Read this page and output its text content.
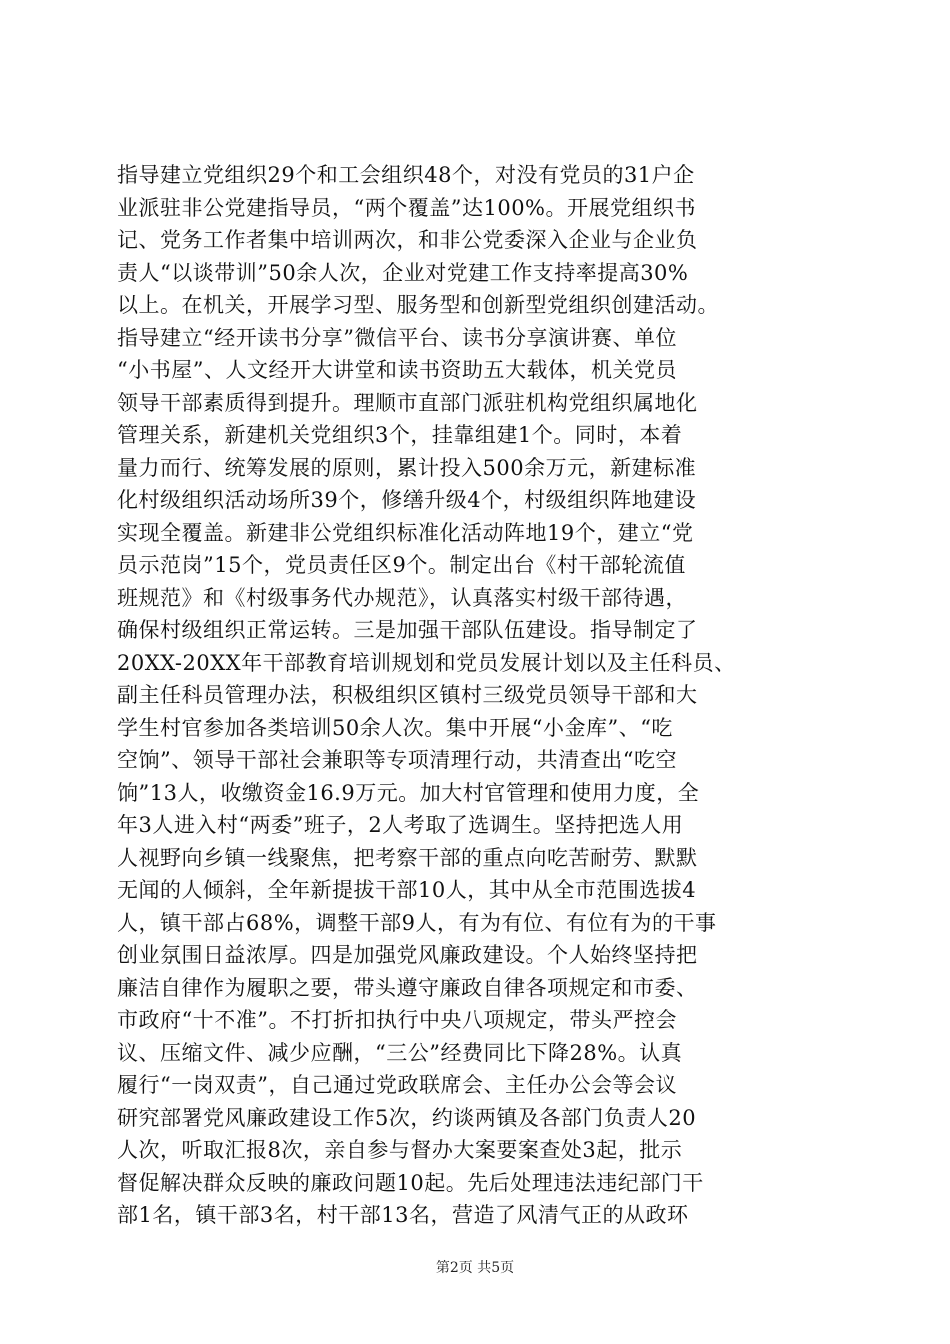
指导建立党组织29个和工会组织48个，对没有党员的31户企
业派驻非公党建指导员，“两个覆盖”达100%。开展党组织书
记、党务工作者集中培训两次，和非公党委深入企业与企业负
责人“以谈带训”50余人次，企业对党建工作支持率提高30%
以上。在机关，开展学习型、服务型和创新型党组织创建活动。
指导建立“经开读书分享”微信平台、读书分享演讲赛、单位
“小书屋”、人文经开大讲堂和读书资助五大载体，机关党员
领导干部素质得到提升。理顺市直部门派驻机构党组织属地化
管理关系，新建机关党组织3个，挂靠组建1个。同时，本着
量力而行、统筹发展的原则，累计投入500余万元，新建标准
化村级组织活动场所39个，修缮升级4个，村级组织阵地建设
实现全覆盖。新建非公党组织标准化活动阵地19个，建立“党
员示范岗”15个，党员责任区9个。制定出台《村干部轮流值
班规范》和《村级事务代办规范》，认真落实村级干部待遇，
确保村级组织正常运转。三是加强干部队伍建设。指导制定了
20XX-20XX年干部教育培训规划和党员发展计划以及主任科员、
副主任科员管理办法，积极组织区镇村三级党员领导干部和大
学生村官参加各类培训50余人次。集中开展“小金库”、“吃
空饷”、领导干部社会兼职等专项清理行动，共清查出“吃空
饷”13人，收缴资金16.9万元。加大村官管理和使用力度，全
年3人进入村“两委”班子，2人考取了选调生。坚持把选人用
人视野向乡镇一线聚焦，把考察干部的重点向吃苦耐劳、默默
无闻的人倾斜，全年新提拔干部10人，其中从全市范围选拔4
人，镇干部占68%，调整干部9人，有为有位、有位有为的干事
创业氛围日益浓厚。四是加强党风廉政建设。个人始终坚持把
廉洁自律作为履职之要，带头遵守廉政自律各项规定和市委、
市政府“十不准”。不打折扣执行中央八项规定，带头严控会
议、压缩文件、减少应酬，“三公”经费同比下降28%。认真
履行“一岗双责”，自己通过党政联席会、主任办公会等会议
研究部署党风廉政建设工作5次，约谈两镇及各部门负责人20
人次，听取汇报8次，亲自参与督办大案要案查处3起，批示
督促解决群众反映的廉政问题10起。先后处理违法违纪部门干
部1名，镇干部3名，村干部13名，营造了风清气正的从政环
第2页 共5页
